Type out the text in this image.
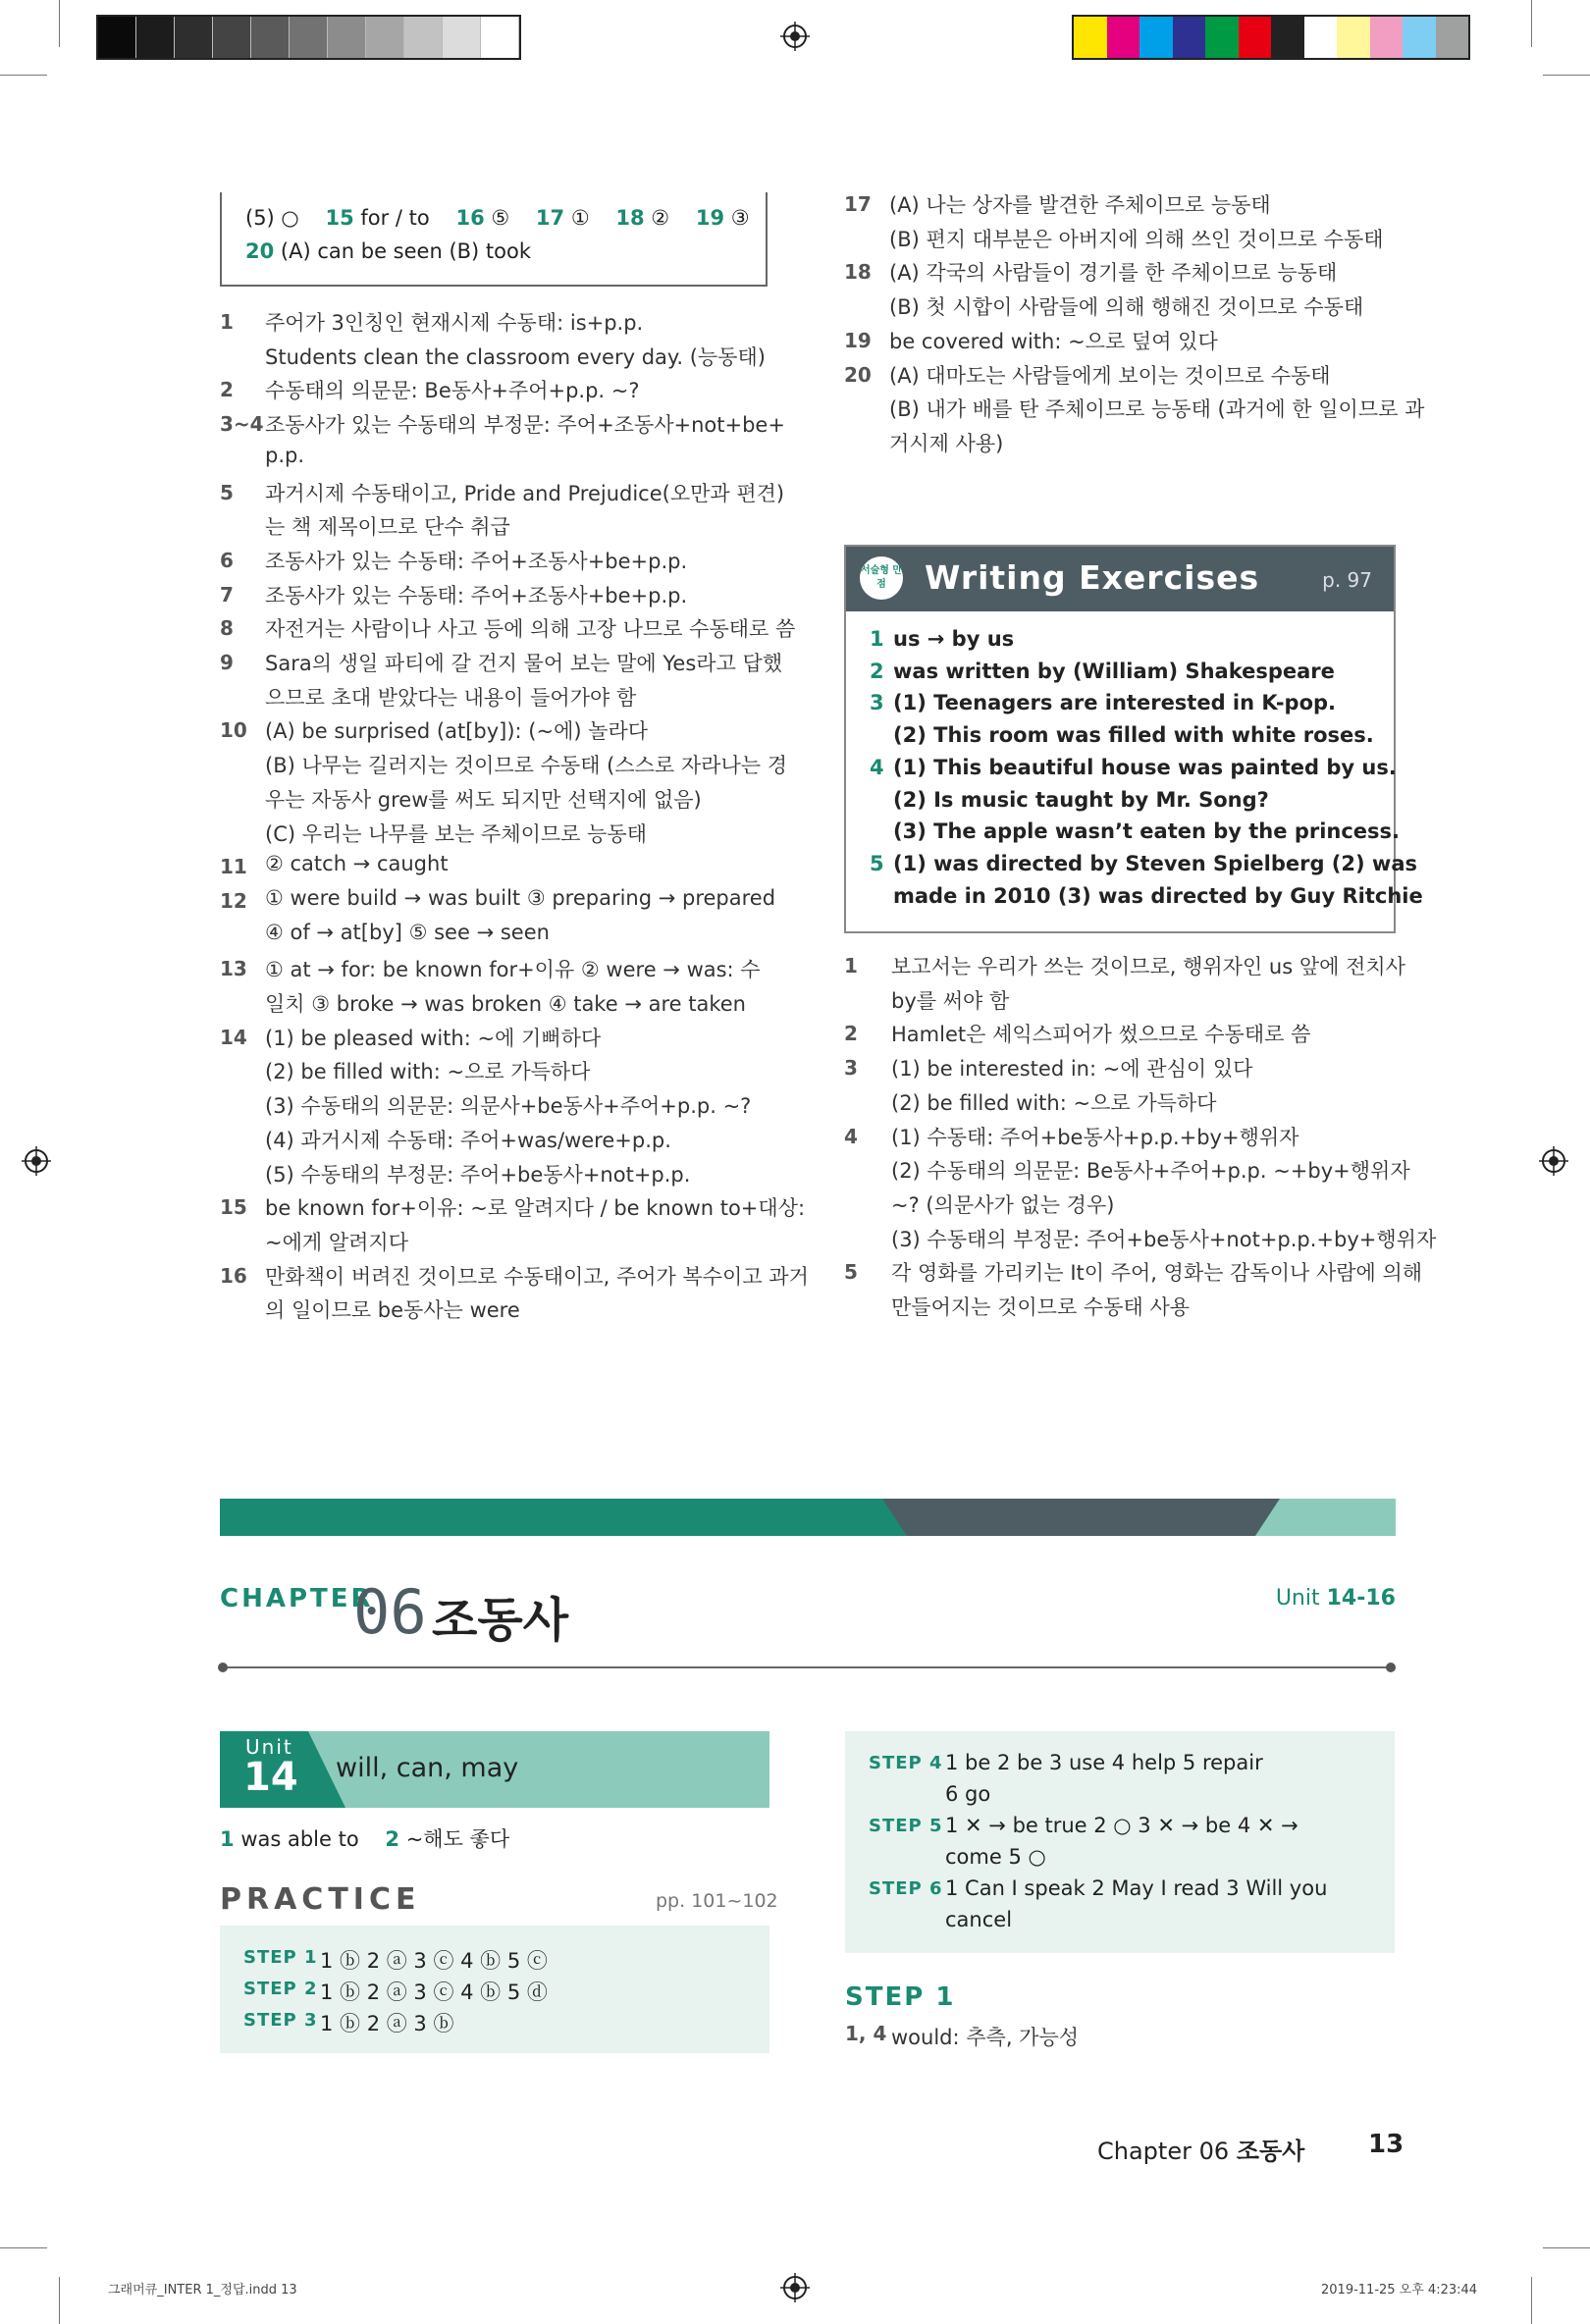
(5) ○ 15 for / to 16 ⑤ 17 ① 18 ② 19 ③
20 (A) can be seen (B) took
1 주어가 3인칭인 현재시제 수동태: is+p.p.
Students clean the classroom every day. (능동태)
2 수동태의 의문문: Be동사+주어+p.p. ~?
3~4 조동사가 있는 수동태의 부정문: 주어+조동사+not+be+
p.p.
5 과거시제 수동태이고, Pride and Prejudice(오만과 편견)
는 책 제목이므로 단수 취급
6 조동사가 있는 수동태: 주어+조동사+be+p.p.
7 조동사가 있는 수동태: 주어+조동사+be+p.p.
8 자전거는 사람이나 사고 등에 의해 고장 나므로 수동태로 씀
9 Sara의 생일 파티에 갈 건지 물어 보는 말에 Yes라고 답했
으므로 초대 받았다는 내용이 들어가야 함
10 (A) be surprised (at[by]): (~에) 놀라다
(B) 나무는 길러지는 것이므로 수동태 (스스로 자라나는 경
우는 자동사 grew를 써도 되지만 선택지에 없음)
(C) 우리는 나무를 보는 주체이므로 능동태
11 ② catch → caught
12 ① were build → was built ③ preparing → prepared
④ of → at[by] ⑤ see → seen
13 ① at → for: be known for+이유 ② were → was: 수
일치 ③ broke → was broken ④ take → are taken
14 (1) be pleased with: ~에 기뻐하다
(2) be filled with: ~으로 가득하다
(3) 수동태의 의문문: 의문사+be동사+주어+p.p. ~?
(4) 과거시제 수동태: 주어+was/were+p.p.
(5) 수동태의 부정문: 주어+be동사+not+p.p.
15 be known for+이유: ~로 알려지다 / be known to+대상:
~에게 알려지다
16 만화책이 버려진 것이므로 수동태이고, 주어가 복수이고 과거
의 일이므로 be동사는 were
17 (A) 나는 상자를 발견한 주체이므로 능동태
(B) 편지 대부분은 아버지에 의해 쓰인 것이므로 수동태
18 (A) 각국의 사람들이 경기를 한 주체이므로 능동태
(B) 첫 시합이 사람들에 의해 행해진 것이므로 수동태
19 be covered with: ~으로 덮여 있다
20 (A) 대마도는 사람들에게 보이는 것이므로 수동태
(B) 내가 배를 탄 주체이므로 능동태 (과거에 한 일이므로 과
거시제 사용)
서술형 만점	Writing Exercises	p. 97
1 us → by us
2 was written by (William) Shakespeare
3 (1) Teenagers are interested in K-pop.
(2) This room was filled with white roses.
4 (1) This beautiful house was painted by us.
(2) Is music taught by Mr. Song?
(3) The apple wasn’t eaten by the princess.
5 (1) was directed by Steven Spielberg (2) was
made in 2010 (3) was directed by Guy Ritchie
1 보고서는 우리가 쓰는 것이므로, 행위자인 us 앞에 전치사
by를 써야 함
2 Hamlet은 셰익스피어가 썼으므로 수동태로 씀
3 (1) be interested in: ~에 관심이 있다
(2) be filled with: ~으로 가득하다
4 (1) 수동태: 주어+be동사+p.p.+by+행위자
(2) 수동태의 의문문: Be동사+주어+p.p. ~+by+행위자
~? (의문사가 없는 경우)
(3) 수동태의 부정문: 주어+be동사+not+p.p.+by+행위자
5 각 영화를 가리키는 It이 주어, 영화는 감독이나 사람에 의해
만들어지는 것이므로 수동태 사용
CHAPTER
06 조동사	Unit 14-16
Unit
14 will, can, may
1 was able to 2 ~해도 좋다
PRACTICE	pp. 101~102
STEP 1 1 ⓑ 2 ⓐ 3 ⓒ 4 ⓑ 5 ⓒ
STEP 2 1 ⓑ 2 ⓐ 3 ⓒ 4 ⓑ 5 ⓓ
STEP 3 1 ⓑ 2 ⓐ 3 ⓑ
STEP 4 1 be 2 be 3 use 4 help 5 repair
6 go
STEP 5 1 ✕ → be true 2 ○ 3 ✕ → be 4 ✕ →
come 5 ○
STEP 6 1 Can I speak 2 May I read 3 Will you
cancel
STEP 1
1, 4 would: 추측, 가능성
Chapter 06 조동사 13
그래머큐_INTER 1_정답.indd 13	2019-11-25 오후 4:23:44
